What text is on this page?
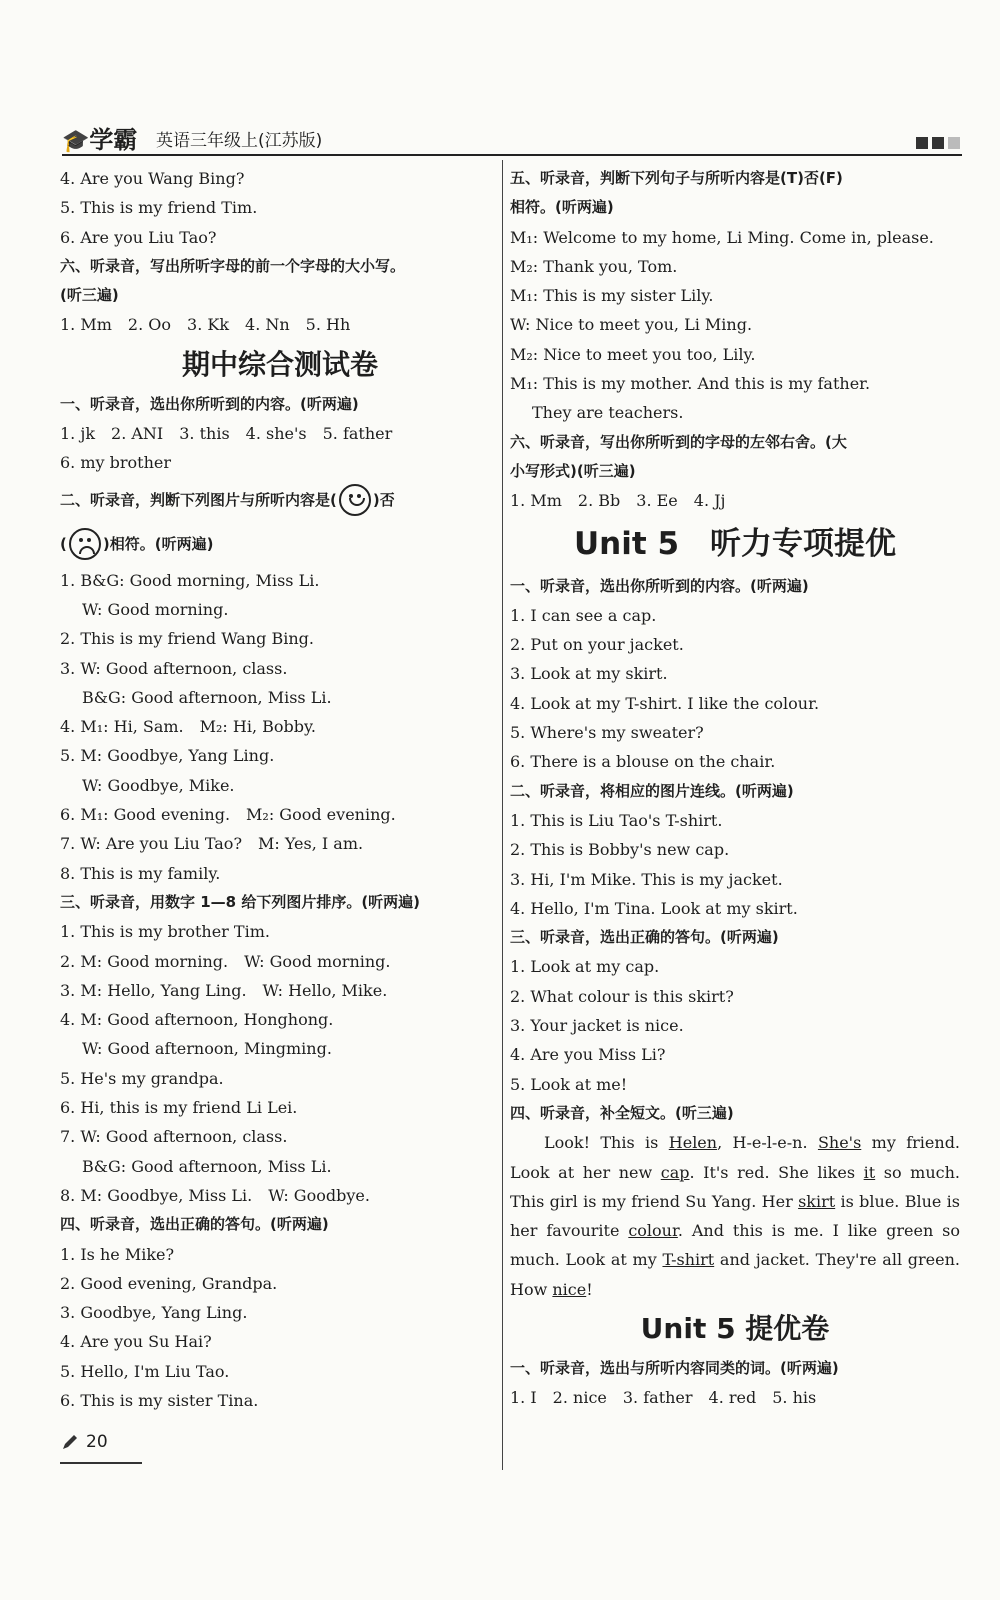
🎓学霸 英语三年级上(江苏版)
4. Are you Wang Bing?
5. This is my friend Tim.
6. Are you Liu Tao?
六、听录音，写出所听字母的前一个字母的大小写。
(听三遍)
1. Mm　2. Oo　3. Kk　4. Nn　5. Hh
期中综合测试卷
一、听录音，选出你所听到的内容。(听两遍)
1. jk　2. ANI　3. this　4. she's　5. father
6. my brother
二、听录音，判断下列图片与所听内容是( )否
( )相符。(听两遍)
1. B&G: Good morning, Miss Li.
W: Good morning.
2. This is my friend Wang Bing.
3. W: Good afternoon, class.
B&G: Good afternoon, Miss Li.
4. M₁: Hi, Sam.　M₂: Hi, Bobby.
5. M: Goodbye, Yang Ling.
W: Goodbye, Mike.
6. M₁: Good evening.　M₂: Good evening.
7. W: Are you Liu Tao?　M: Yes, I am.
8. This is my family.
三、听录音，用数字 1—8 给下列图片排序。(听两遍)
1. This is my brother Tim.
2. M: Good morning.　W: Good morning.
3. M: Hello, Yang Ling.　W: Hello, Mike.
4. M: Good afternoon, Honghong.
W: Good afternoon, Mingming.
5. He's my grandpa.
6. Hi, this is my friend Li Lei.
7. W: Good afternoon, class.
B&G: Good afternoon, Miss Li.
8. M: Goodbye, Miss Li.　W: Goodbye.
四、听录音，选出正确的答句。(听两遍)
1. Is he Mike?
2. Good evening, Grandpa.
3. Goodbye, Yang Ling.
4. Are you Su Hai?
5. Hello, I'm Liu Tao.
6. This is my sister Tina.
五、听录音，判断下列句子与所听内容是(T)否(F)
相符。(听两遍)
M₁: Welcome to my home, Li Ming. Come in, please.
M₂: Thank you, Tom.
M₁: This is my sister Lily.
W: Nice to meet you, Li Ming.
M₂: Nice to meet you too, Lily.
M₁: This is my mother. And this is my father.
They are teachers.
六、听录音，写出你所听到的字母的左邻右舍。(大
小写形式)(听三遍)
1. Mm　2. Bb　3. Ee　4. Jj
Unit 5　听力专项提优
一、听录音，选出你所听到的内容。(听两遍)
1. I can see a cap.
2. Put on your jacket.
3. Look at my skirt.
4. Look at my T-shirt. I like the colour.
5. Where's my sweater?
6. There is a blouse on the chair.
二、听录音，将相应的图片连线。(听两遍)
1. This is Liu Tao's T-shirt.
2. This is Bobby's new cap.
3. Hi, I'm Mike. This is my jacket.
4. Hello, I'm Tina. Look at my skirt.
三、听录音，选出正确的答句。(听两遍)
1. Look at my cap.
2. What colour is this skirt?
3. Your jacket is nice.
4. Are you Miss Li?
5. Look at me!
四、听录音，补全短文。(听三遍)
Look! This is Helen, H-e-l-e-n. She's my friend. Look at her new cap. It's red. She likes it so much. This girl is my friend Su Yang. Her skirt is blue. Blue is her favourite colour. And this is me. I like green so much. Look at my T-shirt and jacket. They're all green. How nice!
Unit 5 提优卷
一、听录音，选出与所听内容同类的词。(听两遍)
1. I　2. nice　3. father　4. red　5. his
20
